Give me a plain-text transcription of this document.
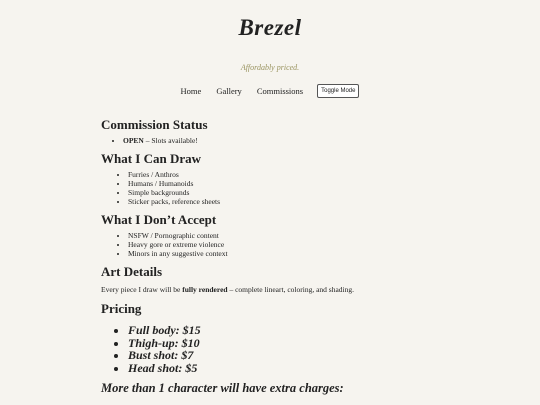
Brezel
Affordably priced.
Home Gallery Commissions	Toggle Mode
Commission Status
• OPEN – Slots available!
What I Can Draw
• Furries / Anthros
• Humans / Humanoids
• Simple backgrounds
• Sticker packs, reference sheets
What I Don’t Accept
• NSFW / Pornographic content
• Heavy gore or extreme violence
• Minors in any suggestive context
Art Details

Every piece I draw will be fully rendered – complete lineart, coloring, and shading.

Pricing
• Full body: $15
• Thigh-up: $10
• Bust shot: $7
• Head shot: $5
More than 1 character will have extra charges:
